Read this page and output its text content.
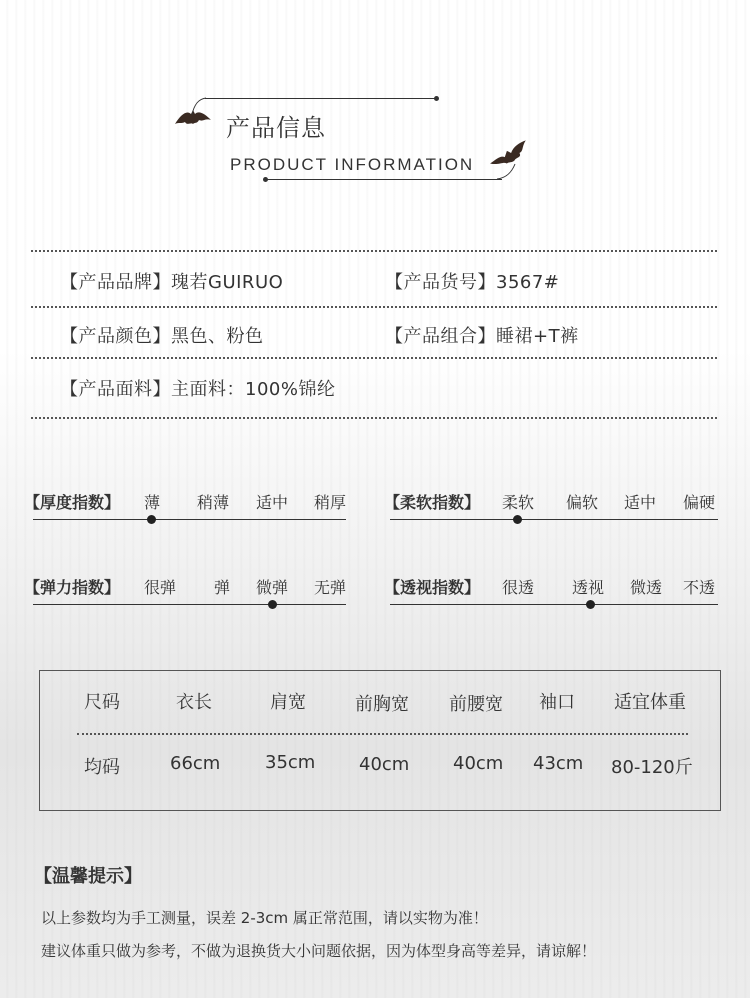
产品信息
PRODUCT INFORMATION
【产品品牌】瑰若GUIRUO	【产品货号】3567#
【产品颜色】黑色、粉色	【产品组合】睡裙+T裤
【产品面料】主面料：100%锦纶
【厚度指数】 薄 稍薄 适中 稍厚 【柔软指数】 柔软 偏软 适中 偏硬
【弹力指数】 很弹 弹 微弹 无弹 【透视指数】 很透 透视 微透 不透
尺码	衣长	肩宽	前胸宽 前腰宽 袖口 适宜体重
均码	66cm 35cm 40cm 40cm 43cm 80-120斤
【温馨提示】
以上参数均为手工测量，误差 2-3cm 属正常范围，请以实物为准！
建议体重只做为参考，不做为退换货大小问题依据，因为体型身高等差异，请谅解！
